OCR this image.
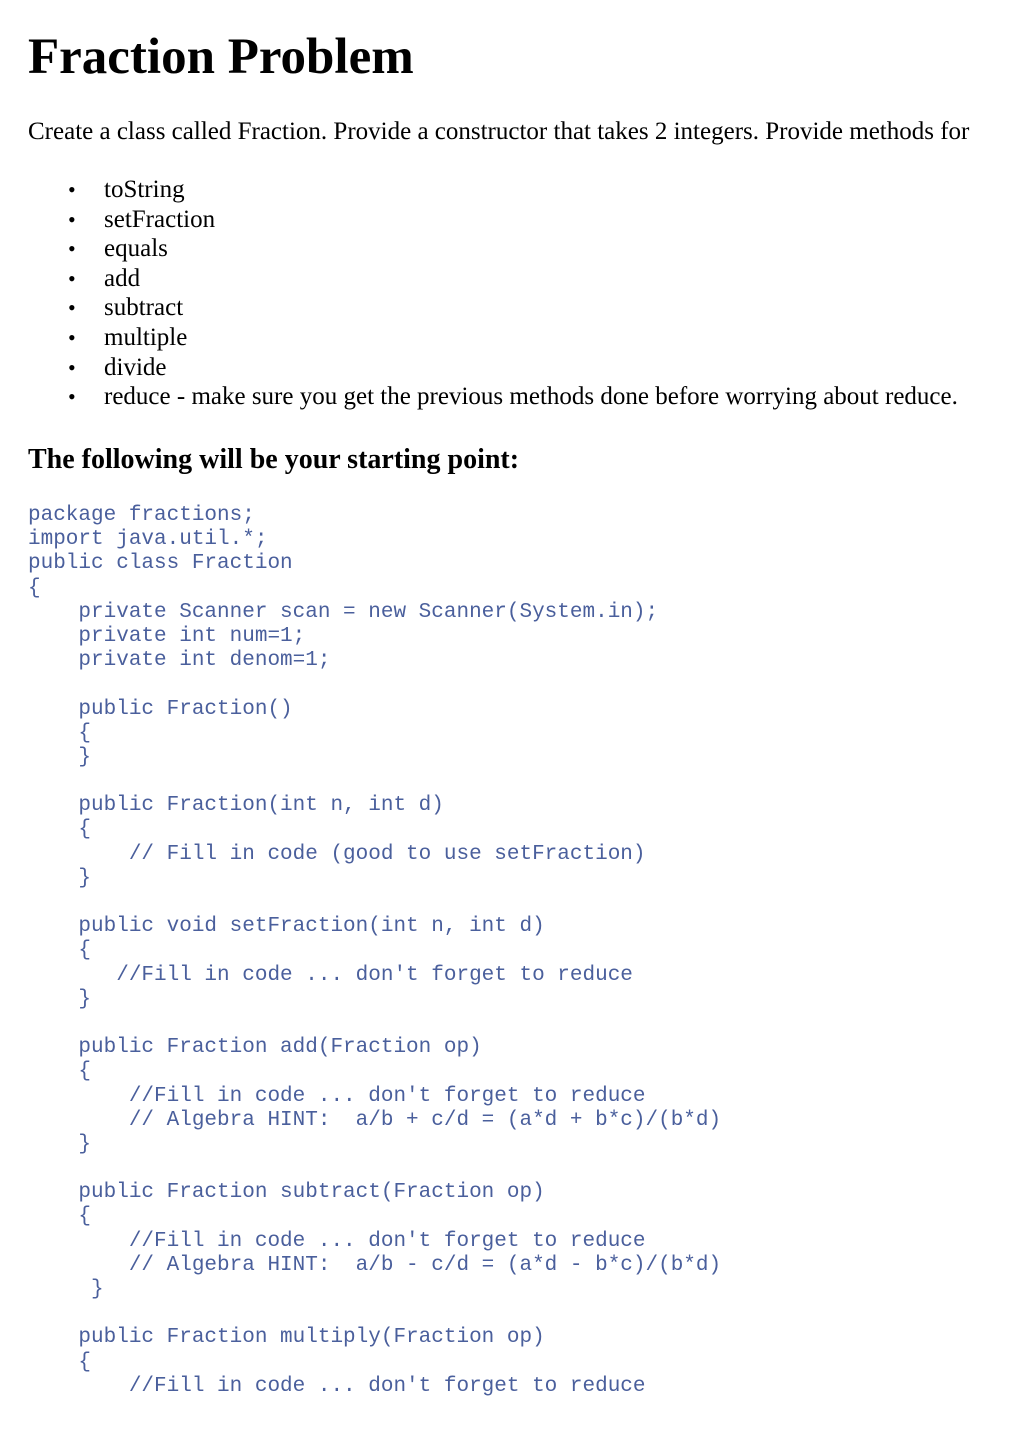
Fraction Problem

Create a class called Fraction. Provide a constructor that takes 2 integers. Provide methods for

• toString
• setFraction
• equals
• add
• subtract
• multiple
• divide
• reduce - make sure you get the previous methods done before worrying about reduce.
The following will be your starting point:
package fractions;
import java.util.*;
public class Fraction
{
private Scanner scan = new Scanner(System.in);
private int num=1;
private int denom=1;
public Fraction()
{
}
public Fraction(int n, int d)
{
// Fill in code (good to use setFraction)
}
public void setFraction(int n, int d)
{
//Fill in code ... don't forget to reduce
}
public Fraction add(Fraction op)
{
//Fill in code ... don't forget to reduce
// Algebra HINT:  a/b + c/d = (a*d + b*c)/(b*d)
}
public Fraction subtract(Fraction op)
{
//Fill in code ... don't forget to reduce
// Algebra HINT:  a/b - c/d = (a*d - b*c)/(b*d)
}
public Fraction multiply(Fraction op)
{
//Fill in code ... don't forget to reduce
